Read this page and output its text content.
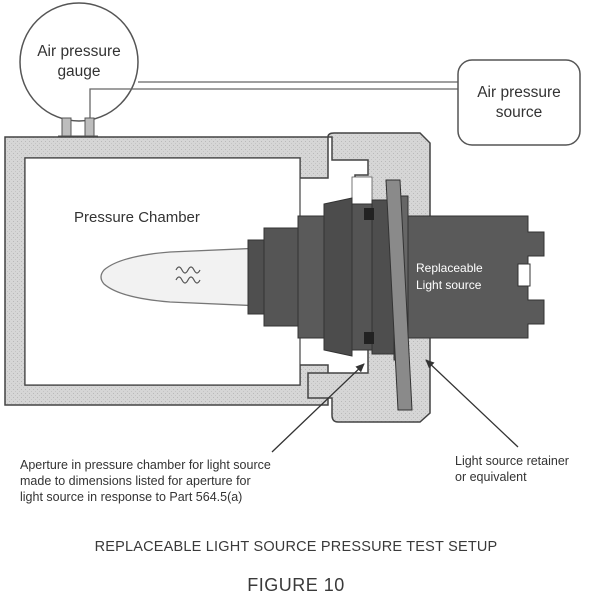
Air pressure
gauge
Air pressure
source
Pressure Chamber
Replaceable
Light source
Aperture in pressure chamber for light source
made to dimensions listed for aperture for
light source in response to Part 564.5(a)
Light source retainer
or equivalent
REPLACEABLE LIGHT SOURCE PRESSURE TEST SETUP
FIGURE 10
